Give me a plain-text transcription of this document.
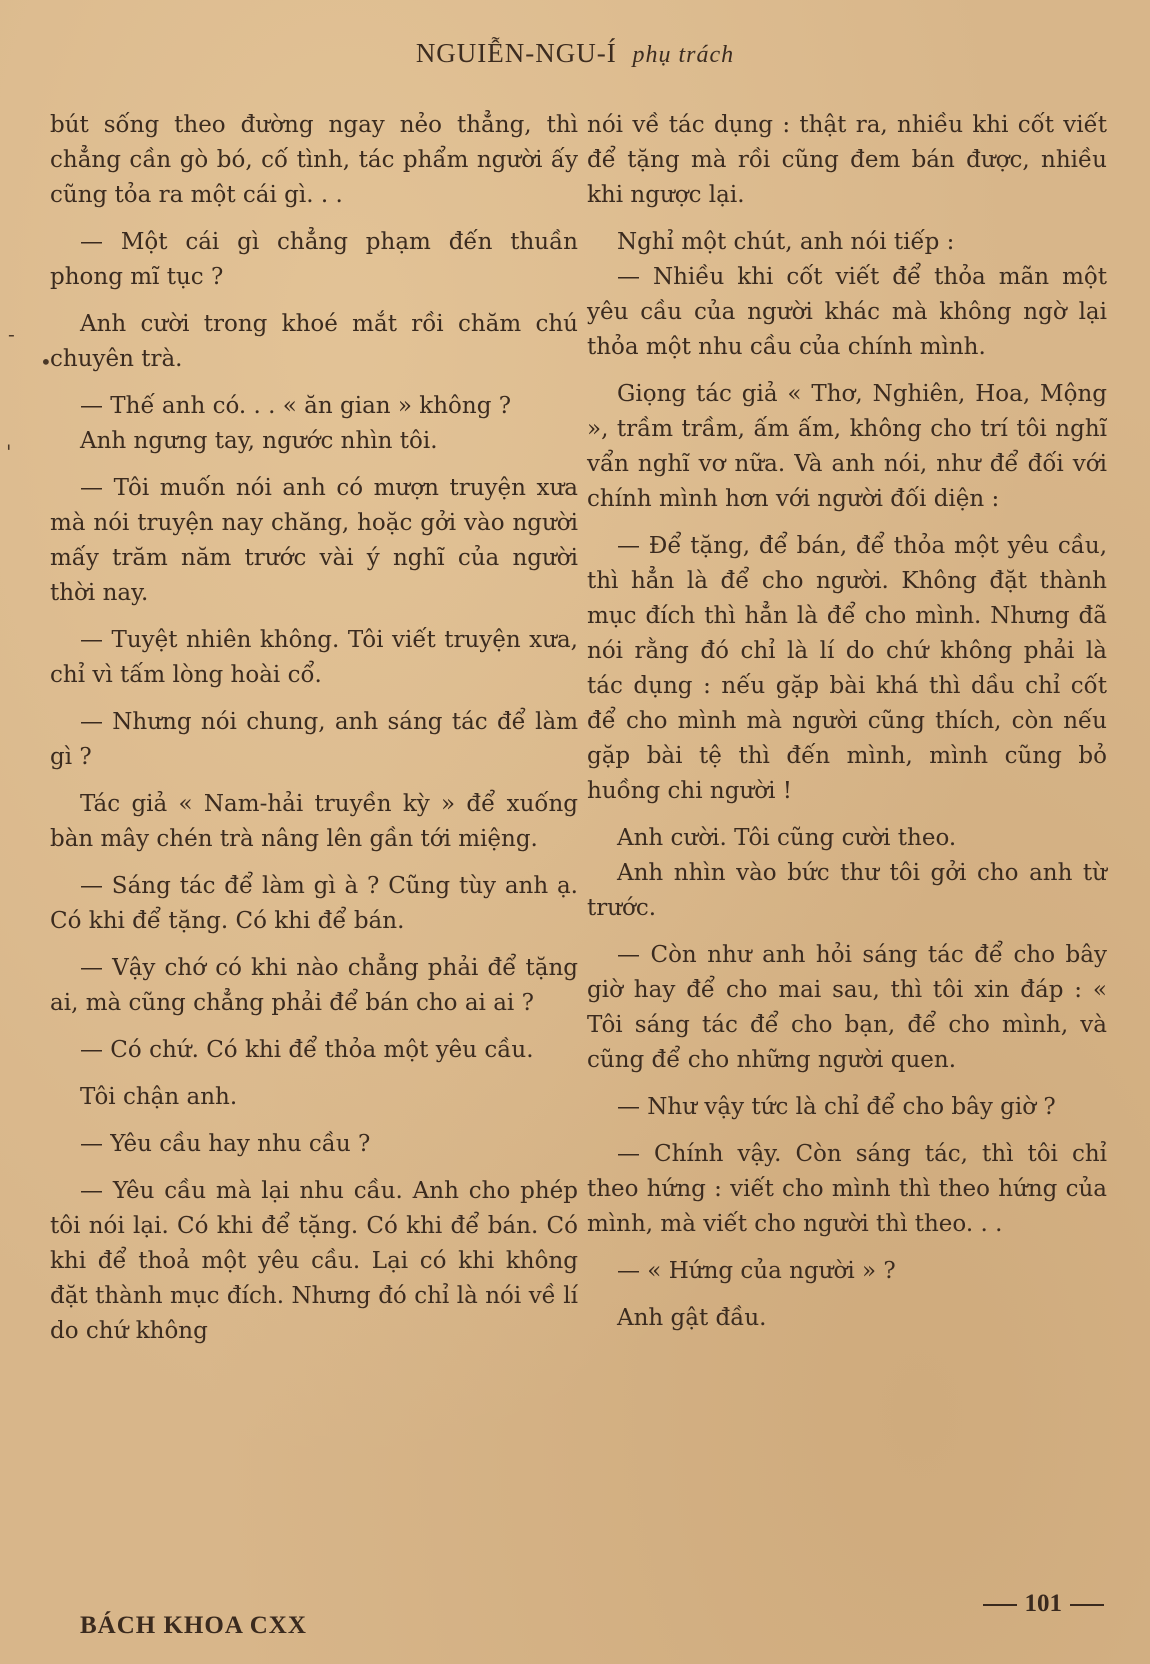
NGUIỄN-NGU-Í phụ trách
-
•
'

bút sống theo đường ngay nẻo thẳng, thì chẳng cần gò bó, cố tình, tác phẩm người ấy cũng tỏa ra một cái gì. . .

— Một cái gì chẳng phạm đến thuần phong mĩ tục ?

Anh cười trong khoé mắt rồi chăm chú chuyên trà.

— Thế anh có. . . « ăn gian » không ?

Anh ngưng tay, ngước nhìn tôi.

— Tôi muốn nói anh có mượn truyện xưa mà nói truyện nay chăng, hoặc gởi vào người mấy trăm năm trước vài ý nghĩ của người thời nay.

— Tuyệt nhiên không. Tôi viết truyện xưa, chỉ vì tấm lòng hoài cổ.

— Nhưng nói chung, anh sáng tác để làm gì ?

Tác giả « Nam-hải truyền kỳ » để xuống bàn mây chén trà nâng lên gần tới miệng.

— Sáng tác để làm gì à ? Cũng tùy anh ạ. Có khi để tặng. Có khi để bán.

— Vậy chớ có khi nào chẳng phải để tặng ai, mà cũng chẳng phải để bán cho ai ai ?

— Có chứ. Có khi để thỏa một yêu cầu.

Tôi chận anh.

— Yêu cầu hay nhu cầu ?

— Yêu cầu mà lại nhu cầu. Anh cho phép tôi nói lại. Có khi để tặng. Có khi để bán. Có khi để thoả một yêu cầu. Lại có khi không đặt thành mục đích. Nhưng đó chỉ là nói về lí do chứ không

nói về tác dụng : thật ra, nhiều khi cốt viết để tặng mà rồi cũng đem bán được, nhiều khi ngược lại.

Nghỉ một chút, anh nói tiếp :

— Nhiều khi cốt viết để thỏa mãn một yêu cầu của người khác mà không ngờ lại thỏa một nhu cầu của chính mình.

Giọng tác giả « Thơ, Nghiên, Hoa, Mộng », trầm trầm, ấm ấm, không cho trí tôi nghĩ vẩn nghĩ vơ nữa. Và anh nói, như để đối với chính mình hơn với người đối diện :

— Để tặng, để bán, để thỏa một yêu cầu, thì hẳn là để cho người. Không đặt thành mục đích thì hẳn là để cho mình. Nhưng đã nói rằng đó chỉ là lí do chứ không phải là tác dụng : nếu gặp bài khá thì dầu chỉ cốt để cho mình mà người cũng thích, còn nếu gặp bài tệ thì đến mình, mình cũng bỏ huồng chi người !

Anh cười. Tôi cũng cười theo.

Anh nhìn vào bức thư tôi gởi cho anh từ trước.

— Còn như anh hỏi sáng tác để cho bây giờ hay để cho mai sau, thì tôi xin đáp : « Tôi sáng tác để cho bạn, để cho mình, và cũng để cho những người quen.

— Như vậy tức là chỉ để cho bây giờ ?

— Chính vậy. Còn sáng tác, thì tôi chỉ theo hứng : viết cho mình thì theo hứng của mình, mà viết cho người thì theo. . .

— « Hứng của người » ?

Anh gật đầu.

BÁCH KHOA CXX
101
